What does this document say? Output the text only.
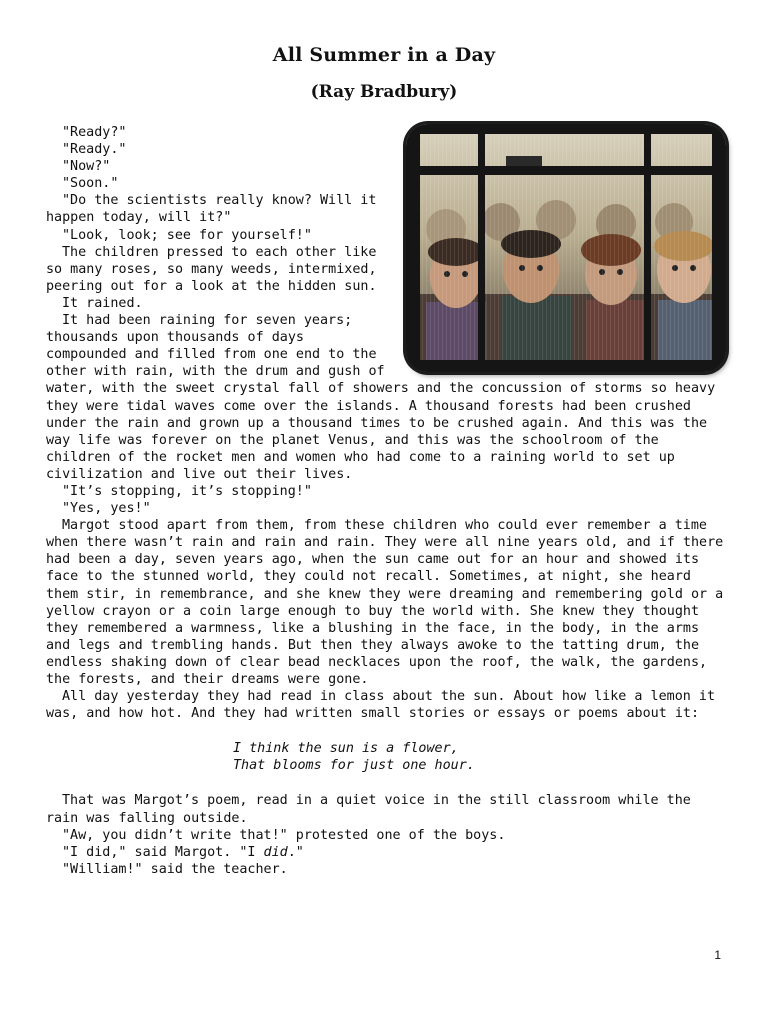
All Summer in a Day
(Ray Bradbury)

"Ready?"

"Ready."

"Now?"

"Soon."

"Do the scientists really know? Will it happen today, will it?"

"Look, look; see for yourself!"

The children pressed to each other like so many roses, so many weeds, intermixed, peering out for a look at the hidden sun.

It rained.

It had been raining for seven years; thousands upon thousands of days compounded and filled from one end to the other with rain, with the drum and gush of water, with the sweet crystal fall of showers and the concussion of storms so heavy they were tidal waves come over the islands. A thousand forests had been crushed under the rain and grown up a thousand times to be crushed again. And this was the way life was forever on the planet Venus, and this was the schoolroom of the children of the rocket men and women who had come to a raining world to set up civilization and live out their lives.

"It’s stopping, it’s stopping!"

"Yes, yes!"

Margot stood apart from them, from these children who could ever remember a time when there wasn’t rain and rain and rain. They were all nine years old, and if there had been a day, seven years ago, when the sun came out for an hour and showed its face to the stunned world, they could not recall. Sometimes, at night, she heard them stir, in remembrance, and she knew they were dreaming and remembering gold or a yellow crayon or a coin large enough to buy the world with. She knew they thought they remembered a warmness, like a blushing in the face, in the body, in the arms and legs and trembling hands. But then they always awoke to the tatting drum, the endless shaking down of clear bead necklaces upon the roof, the walk, the gardens, the forests, and their dreams were gone.

All day yesterday they had read in class about the sun. About how like a lemon it was, and how hot. And they had written small stories or essays or poems about it:

I think the sun is a flower,
That blooms for just one hour.

That was Margot’s poem, read in a quiet voice in the still classroom while the rain was falling outside.

"Aw, you didn’t write that!" protested one of the boys.

"I did," said Margot. "I did."

"William!" said the teacher.

1
